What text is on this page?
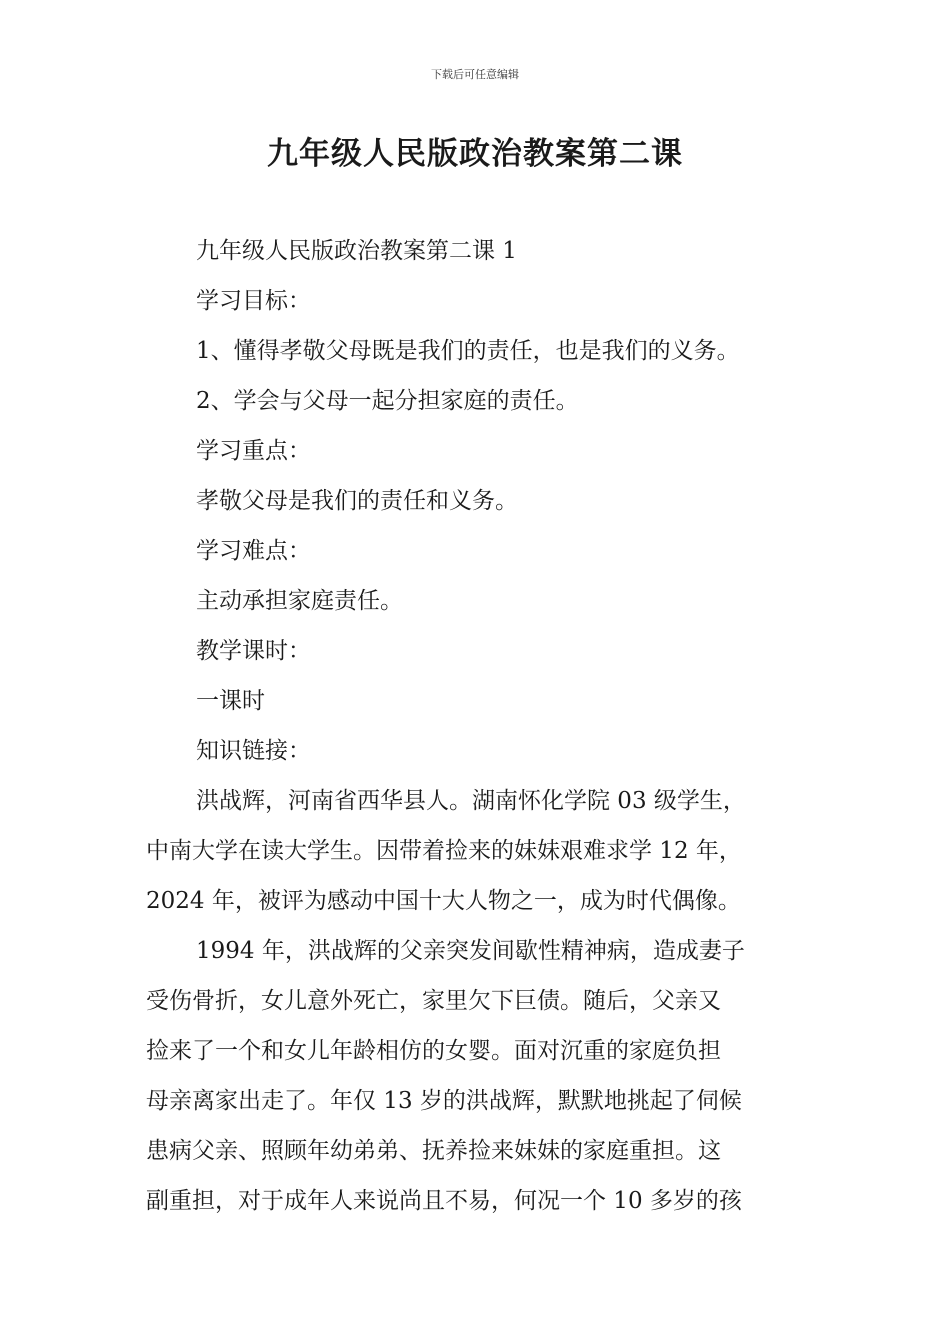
下载后可任意编辑
九年级人民版政治教案第二课

九年级人民版政治教案第二课 1

学习目标：

1、懂得孝敬父母既是我们的责任，也是我们的义务。

2、学会与父母一起分担家庭的责任。

学习重点：

孝敬父母是我们的责任和义务。

学习难点：

主动承担家庭责任。

教学课时：

一课时

知识链接：

洪战辉，河南省西华县人。湖南怀化学院 03 级学生，

中南大学在读大学生。因带着捡来的妹妹艰难求学 12 年，

2024 年，被评为感动中国十大人物之一，成为时代偶像。

1994 年，洪战辉的父亲突发间歇性精神病，造成妻子

受伤骨折，女儿意外死亡，家里欠下巨债。随后，父亲又

捡来了一个和女儿年龄相仿的女婴。面对沉重的家庭负担

母亲离家出走了。年仅 13 岁的洪战辉，默默地挑起了伺候

患病父亲、照顾年幼弟弟、抚养捡来妹妹的家庭重担。这

副重担，对于成年人来说尚且不易，何况一个 10 多岁的孩
